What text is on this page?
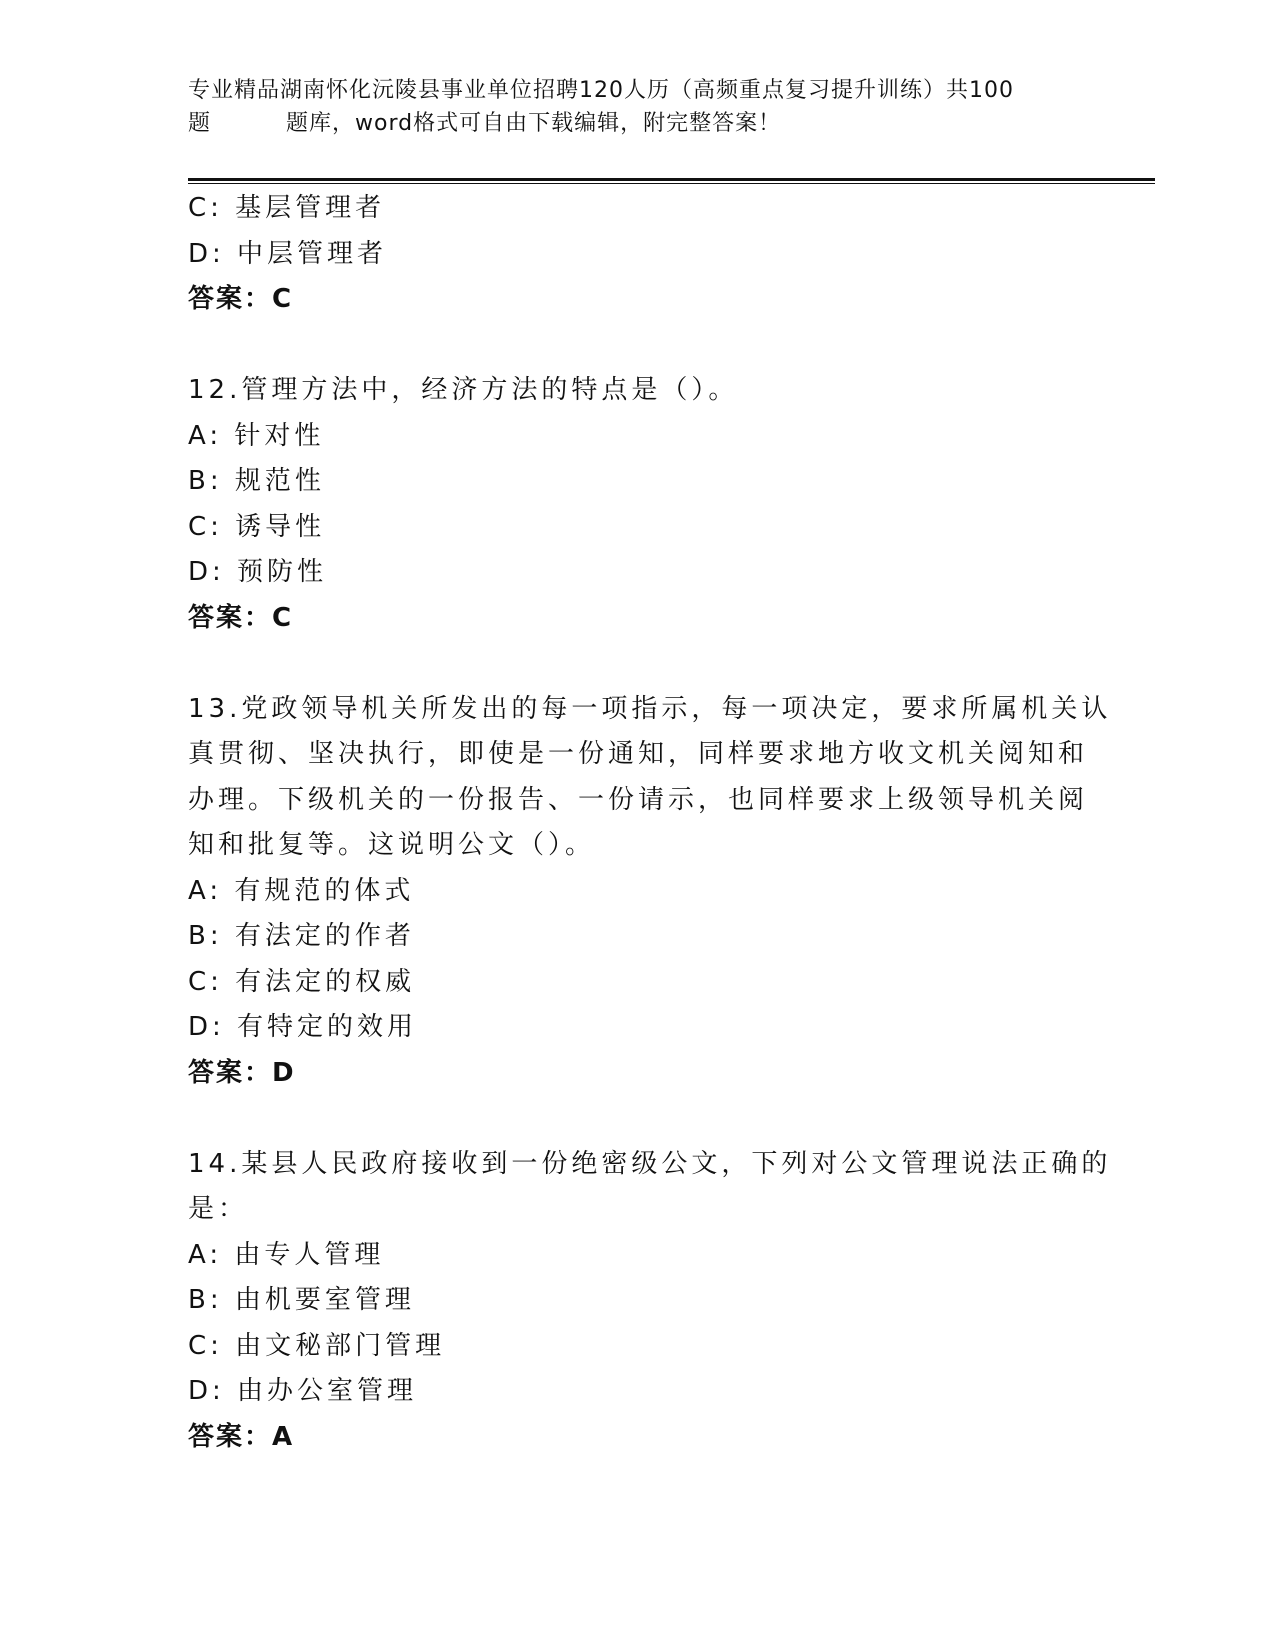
专业精品湖南怀化沅陵县事业单位招聘120人历（高频重点复习提升训练）共100
题	题库，word格式可自由下载编辑，附完整答案！
C: 基层管理者
D: 中层管理者
答案：C
12.管理方法中，经济方法的特点是（）。
A: 针对性
B: 规范性
C: 诱导性
D: 预防性
答案：C
13.党政领导机关所发出的每一项指示，每一项决定，要求所属机关认
真贯彻、坚决执行，即使是一份通知，同样要求地方收文机关阅知和
办理。下级机关的一份报告、一份请示，也同样要求上级领导机关阅
知和批复等。这说明公文（）。
A: 有规范的体式
B: 有法定的作者
C: 有法定的权威
D: 有特定的效用
答案：D
14.某县人民政府接收到一份绝密级公文，下列对公文管理说法正确的
是：
A: 由专人管理
B: 由机要室管理
C: 由文秘部门管理
D: 由办公室管理
答案：A
